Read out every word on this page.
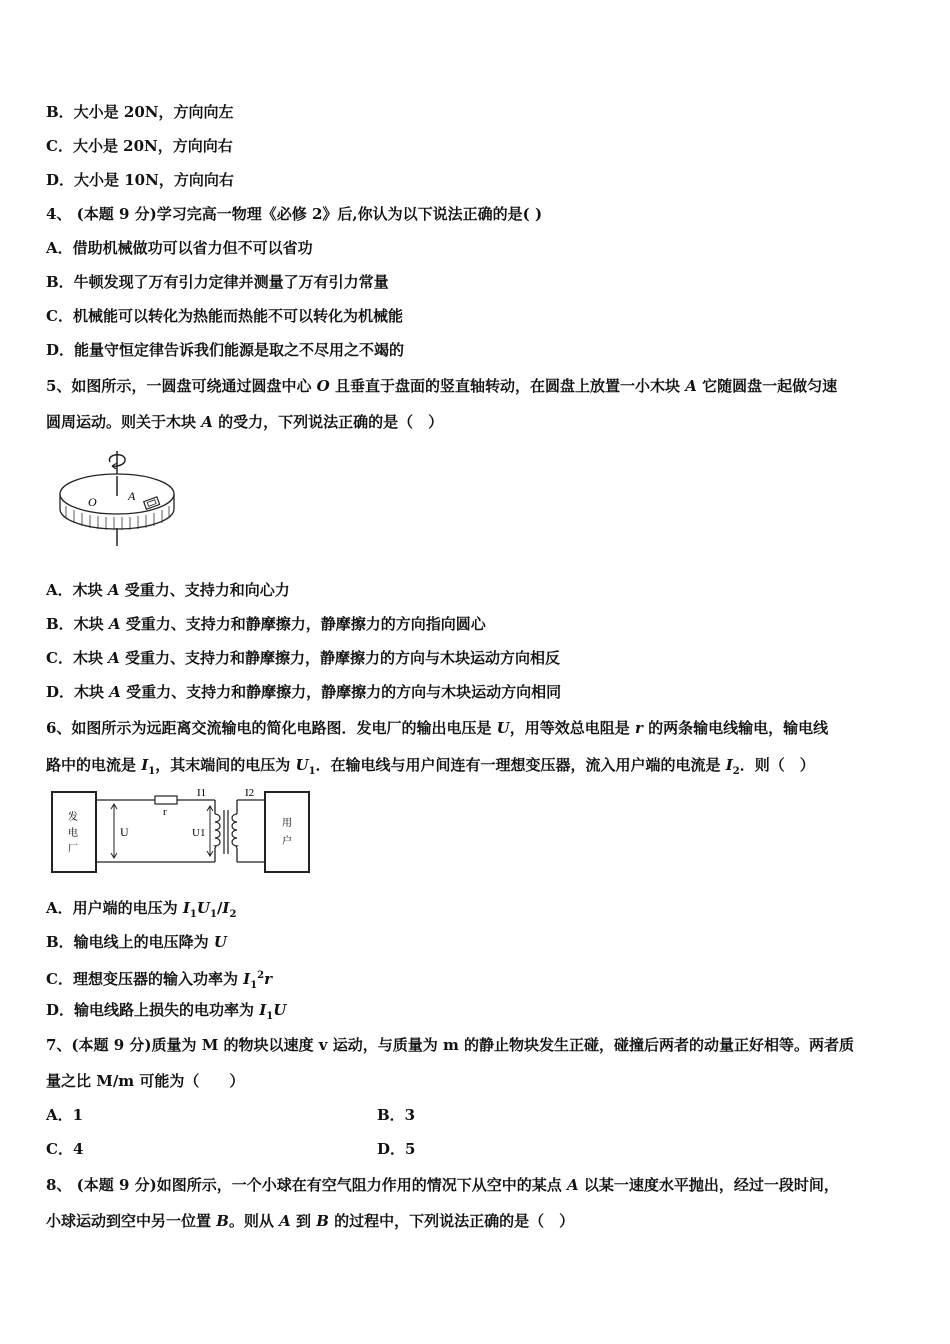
B．大小是 20N，方向向左
C．大小是 20N，方向向右
D．大小是 10N，方向向右
4、 (本题 9 分)学习完高一物理《必修 2》后,你认为以下说法正确的是( )
A．借助机械做功可以省力但不可以省功
B．牛顿发现了万有引力定律并测量了万有引力常量
C．机械能可以转化为热能而热能不可以转化为机械能
D．能量守恒定律告诉我们能源是取之不尽用之不竭的
5、如图所示，一圆盘可绕通过圆盘中心 O 且垂直于盘面的竖直轴转动，在圆盘上放置一小木块 A 它随圆盘一起做匀速
圆周运动。则关于木块 A 的受力，下列说法正确的是（　）
O	A
A．木块 A 受重力、支持力和向心力
B．木块 A 受重力、支持力和静摩擦力，静摩擦力的方向指向圆心
C．木块 A 受重力、支持力和静摩擦力，静摩擦力的方向与木块运动方向相反
D．木块 A 受重力、支持力和静摩擦力，静摩擦力的方向与木块运动方向相同
6、如图所示为远距离交流输电的简化电路图．发电厂的输出电压是 U，用等效总电阻是 r 的两条输电线输电，输电线
路中的电流是 $I_1$，其末端间的电压为 $U_1$．在输电线与用户间连有一理想变压器，流入用户端的电流是 $I_2$．则（　）
发
电
厂
r
I1
U	U1
I2
用
户
A．用户端的电压为 $I_1U_1/I_2$
B．输电线上的电压降为 U
C．理想变压器的输入功率为 $I_1^2r$
D．输电线路上损失的电功率为 $I_1U$
7、(本题 9 分)质量为 M 的物块以速度 v 运动，与质量为 m 的静止物块发生正碰，碰撞后两者的动量正好相等。两者质
量之比 M/m 可能为（　　）
A．1	B．3
C．4	D．5
8、 (本题 9 分)如图所示，一个小球在有空气阻力作用的情况下从空中的某点 A 以某一速度水平抛出，经过一段时间，
小球运动到空中另一位置 B。则从 A 到 B 的过程中，下列说法正确的是（　）
